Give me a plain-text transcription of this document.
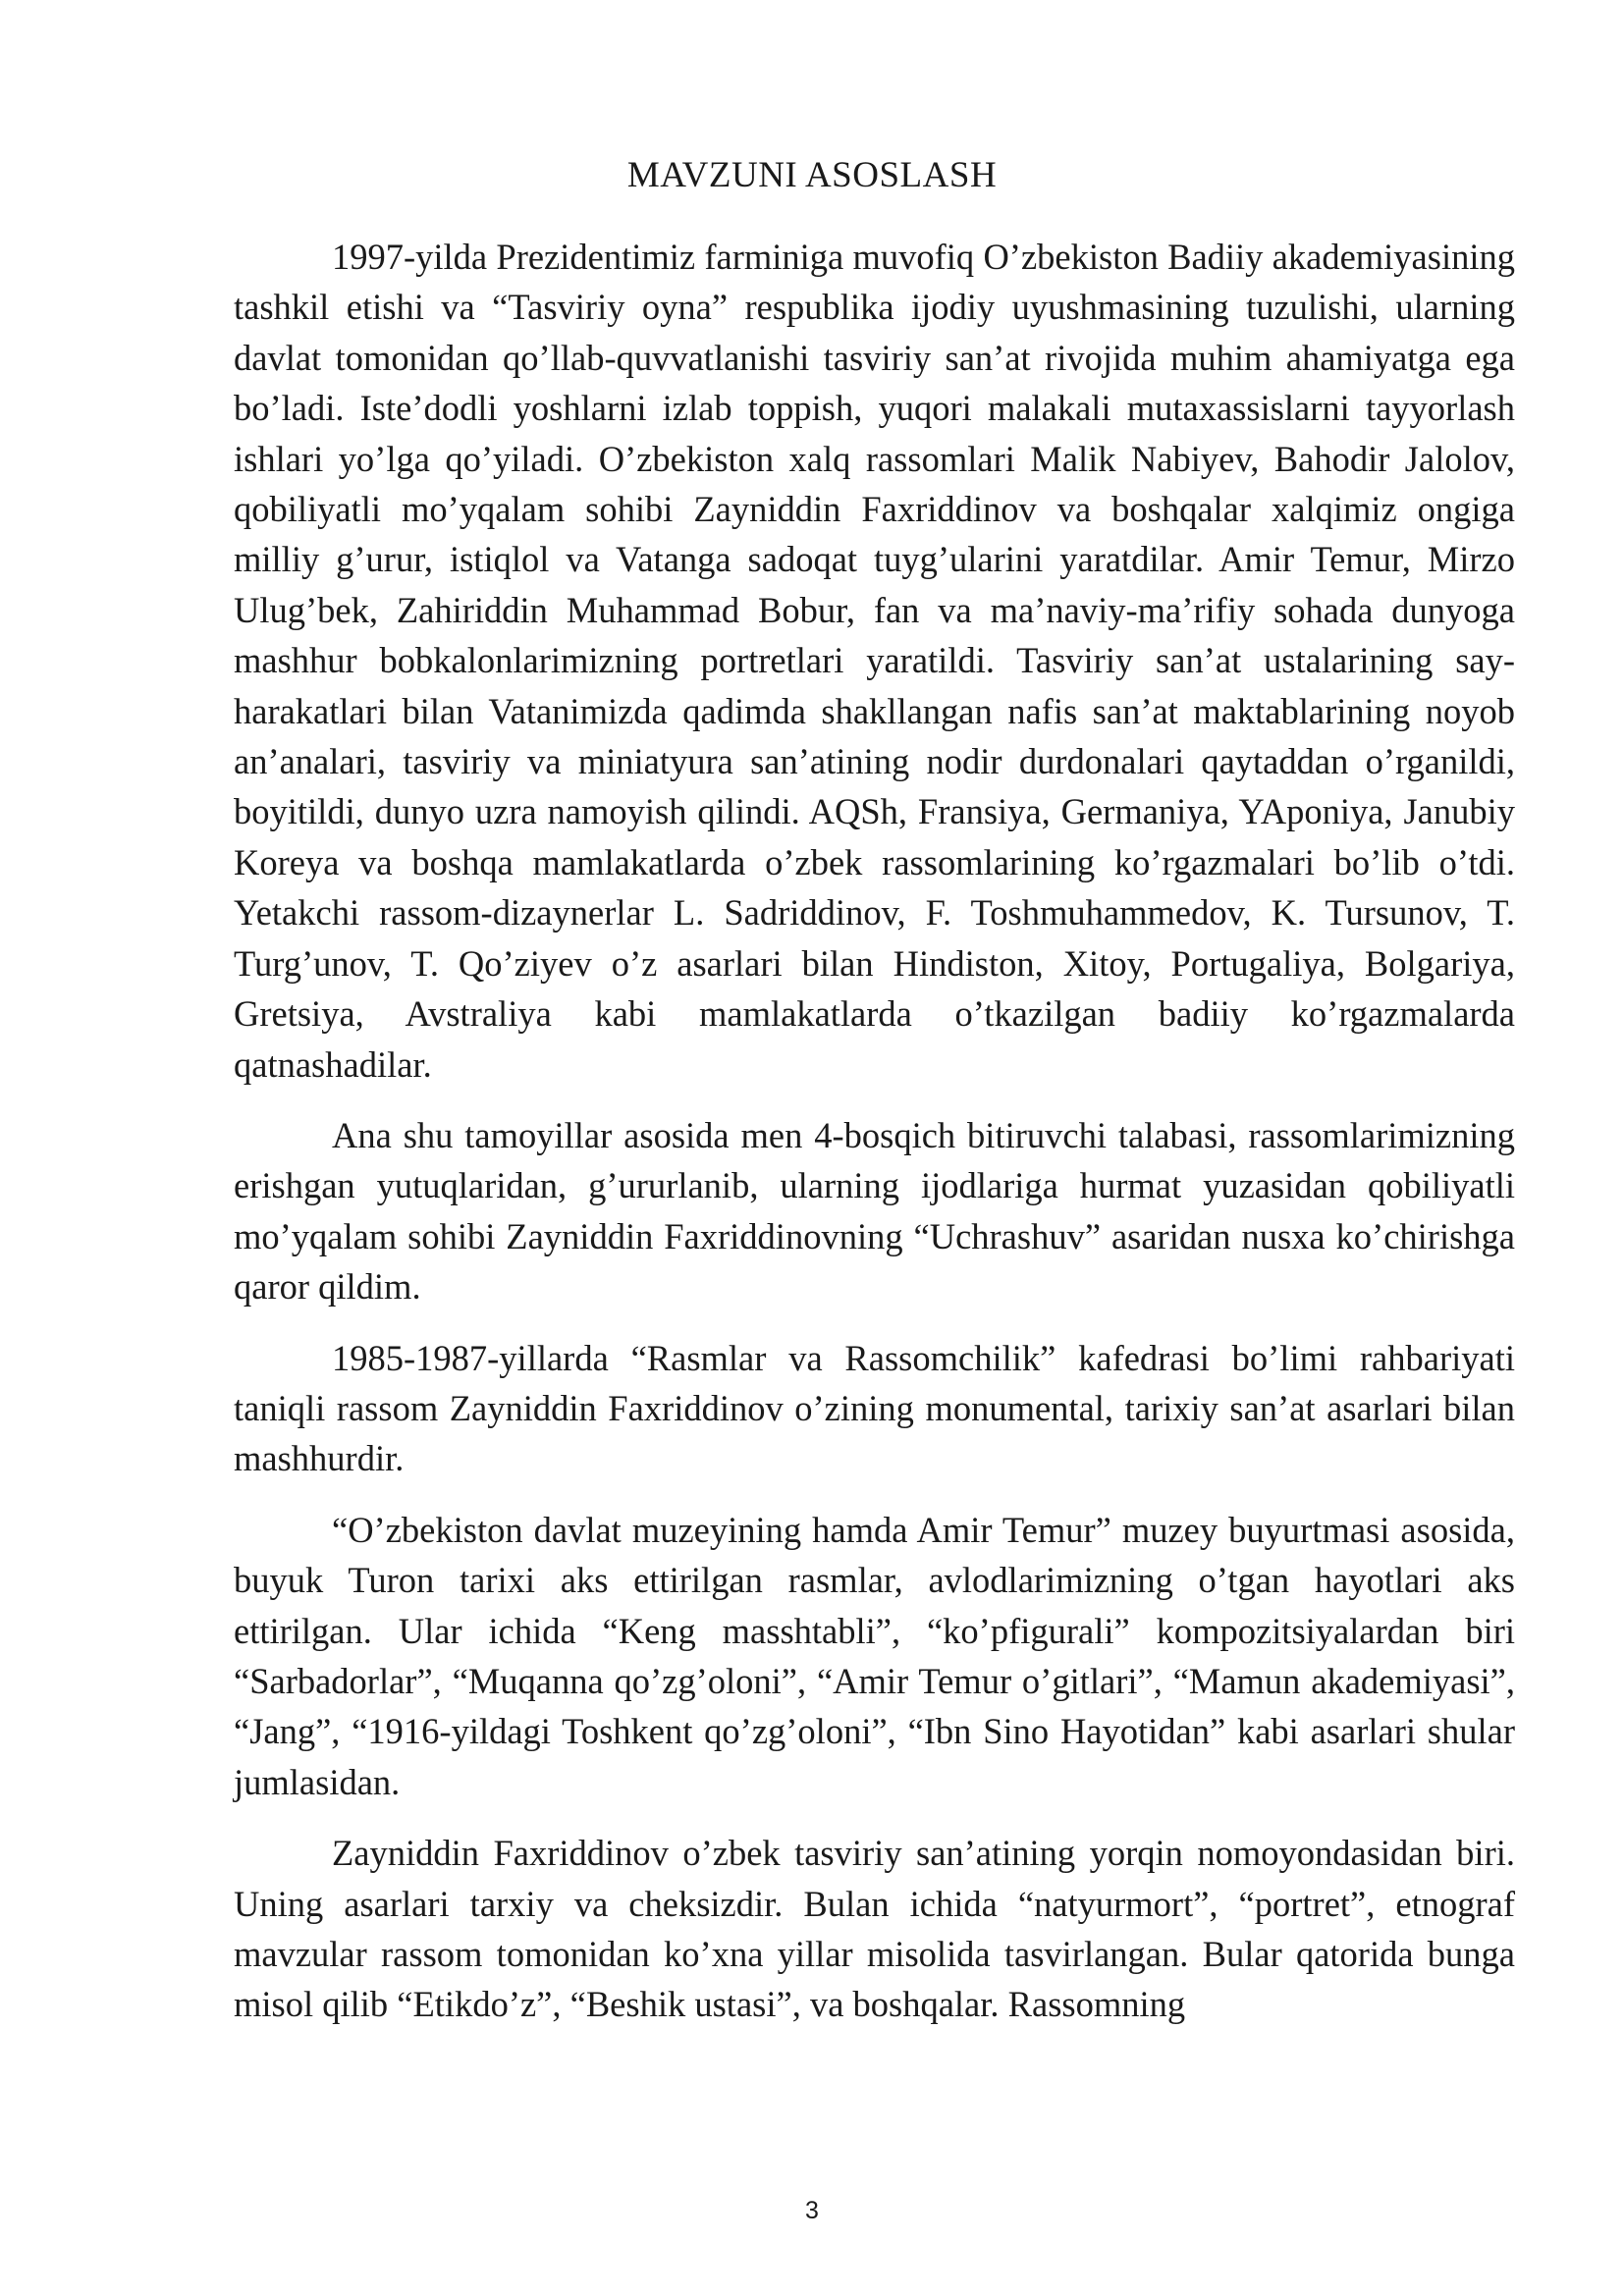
MAVZUNI ASOSLASH

1997-yilda Prezidentimiz farminiga muvofiq O’zbekiston Badiiy akademiyasining tashkil etishi va “Tasviriy oyna” respublika ijodiy uyushmasining tuzulishi, ularning davlat tomonidan qo’llab-quvvatlanishi tasviriy san’at rivojida muhim ahamiyatga ega bo’ladi. Iste’dodli yoshlarni izlab toppish, yuqori malakali mutaxassislarni tayyorlash ishlari yo’lga qo’yiladi. O’zbekiston xalq rassomlari Malik Nabiyev, Bahodir Jalolov, qobiliyatli mo’yqalam sohibi Zayniddin Faxriddinov va boshqalar xalqimiz ongiga milliy g’urur, istiqlol va Vatanga sadoqat tuyg’ularini yaratdilar. Amir Temur, Mirzo Ulug’bek, Zahiriddin Muhammad Bobur, fan va ma’naviy-ma’rifiy sohada dunyoga mashhur bobkalonlarimizning portretlari yaratildi. Tasviriy san’at ustalarining say-harakatlari bilan Vatanimizda qadimda shakllangan nafis san’at maktablarining noyob an’analari, tasviriy va miniatyura san’atining nodir durdonalari qaytaddan o’rganildi, boyitildi, dunyo uzra namoyish qilindi. AQSh, Fransiya, Germaniya, YAponiya, Janubiy Koreya va boshqa mamlakatlarda o’zbek rassomlarining ko’rgazmalari bo’lib o’tdi. Yetakchi rassom-dizaynerlar L. Sadriddinov, F. Toshmuhammedov, K. Tursunov, T. Turg’unov, T. Qo’ziyev o’z asarlari bilan Hindiston, Xitoy, Portugaliya, Bolgariya, Gretsiya, Avstraliya kabi mamlakatlarda o’tkazilgan badiiy ko’rgazmalarda qatnashadilar.

Ana shu tamoyillar asosida men 4-bosqich bitiruvchi talabasi, rassomlarimizning erishgan yutuqlaridan, g’ururlanib, ularning ijodlariga hurmat yuzasidan qobiliyatli mo’yqalam sohibi Zayniddin Faxriddinovning “Uchrashuv” asaridan nusxa ko’chirishga qaror qildim.

1985-1987-yillarda “Rasmlar va Rassomchilik” kafedrasi bo’limi rahbariyati taniqli rassom Zayniddin Faxriddinov o’zining monumental, tarixiy san’at asarlari bilan mashhurdir.

“O’zbekiston davlat muzeyining hamda Amir Temur” muzey buyurtmasi asosida, buyuk Turon tarixi aks ettirilgan rasmlar, avlodlarimizning o’tgan hayotlari aks ettirilgan. Ular ichida “Keng masshtabli”, “ko’pfigurali” kompozitsiyalardan biri “Sarbadorlar”, “Muqanna qo’zg’oloni”, “Amir Temur o’gitlari”, “Mamun akademiyasi”, “Jang”, “1916-yildagi Toshkent qo’zg’oloni”, “Ibn Sino Hayotidan” kabi asarlari shular jumlasidan.

Zayniddin Faxriddinov o’zbek tasviriy san’atining yorqin nomoyondasidan biri. Uning asarlari tarxiy va cheksizdir. Bulan ichida “natyurmort”, “portret”, etnograf mavzular rassom tomonidan ko’xna yillar misolida tasvirlangan. Bular qatorida bunga misol qilib “Etikdo’z”, “Beshik ustasi”, va boshqalar. Rassomning

3
